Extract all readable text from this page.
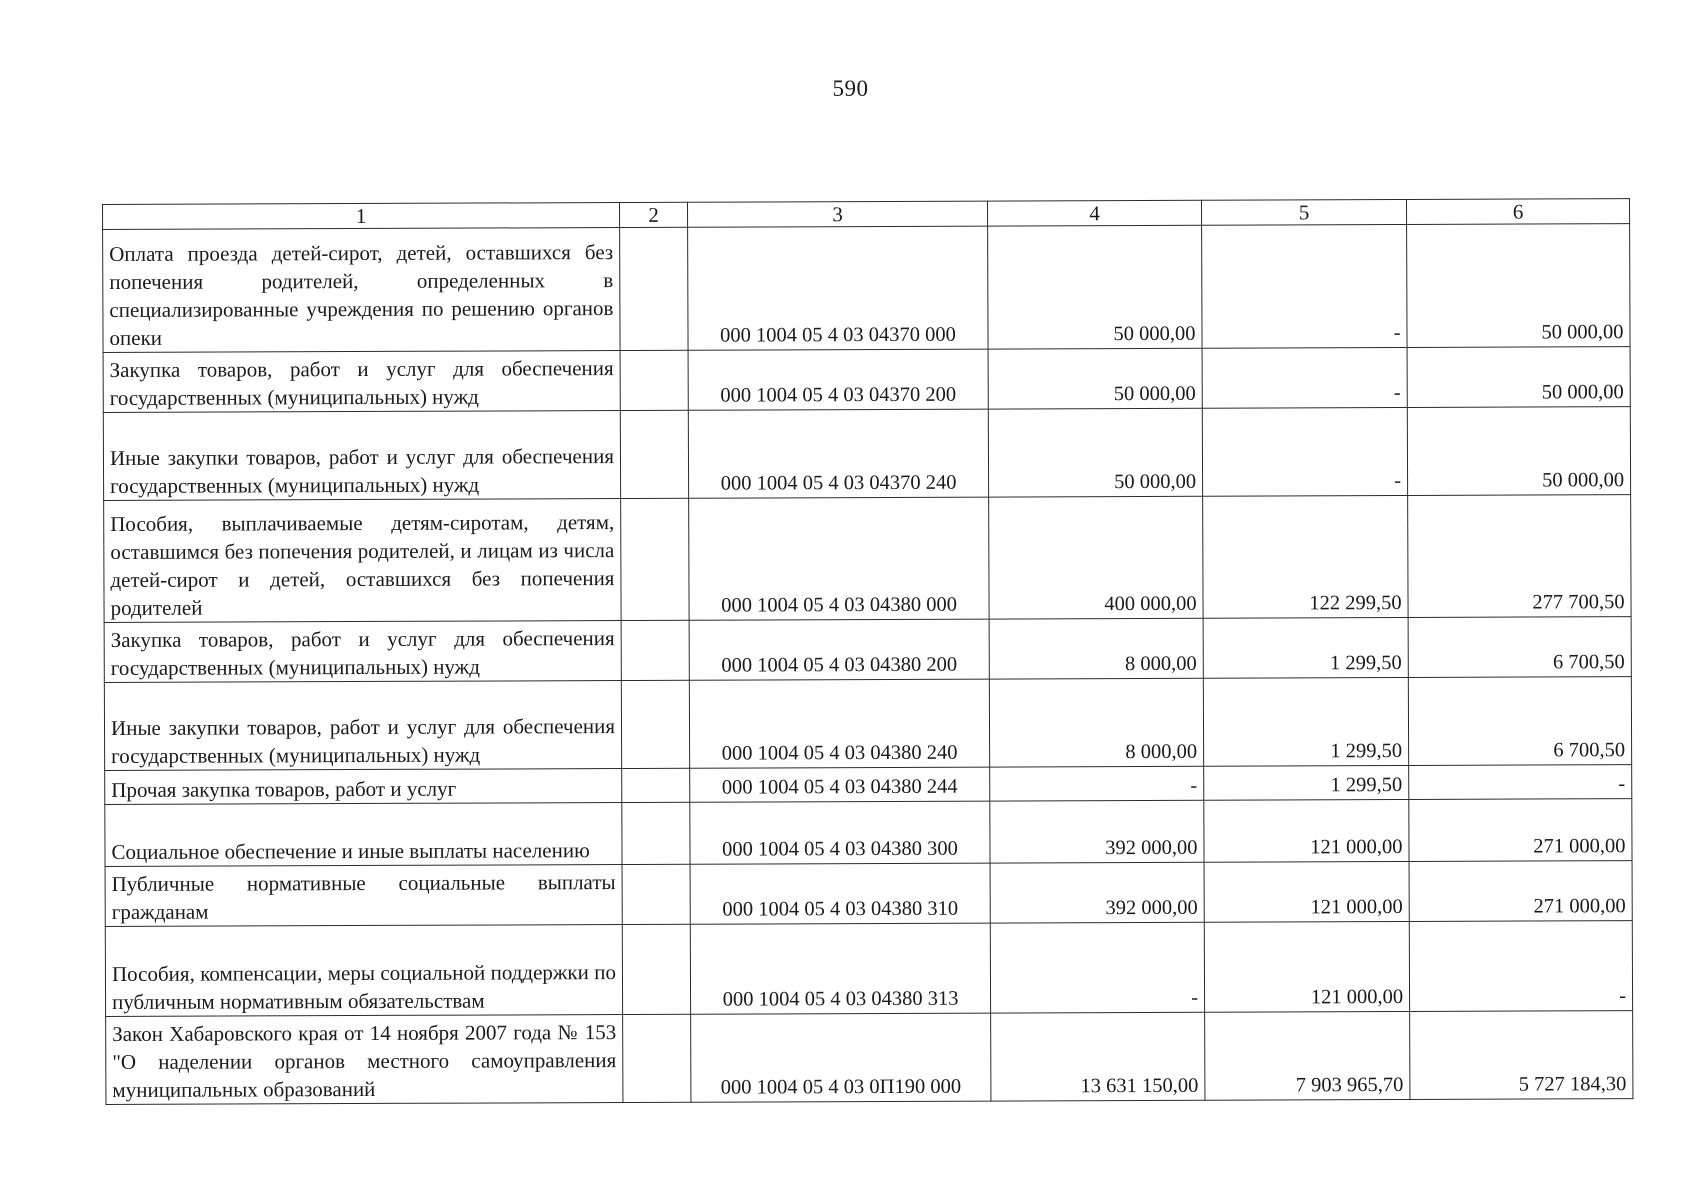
590
1	2	3	4	5	6
Оплата проезда детей-сирот, детей, оставшихся без попечения родителей, определенных в специализированные учреждения по решению органов опеки		000 1004 05 4 03 04370 000	50 000,00	-	50 000,00
Закупка товаров, работ и услуг для обеспечения государственных (муниципальных) нужд		000 1004 05 4 03 04370 200	50 000,00	-	50 000,00
Иные закупки товаров, работ и услуг для обеспечения государственных (муниципальных) нужд		000 1004 05 4 03 04370 240	50 000,00	-	50 000,00
Пособия, выплачиваемые детям-сиротам, детям, оставшимся без попечения родителей, и лицам из числа детей-сирот и детей, оставшихся без попечения родителей		000 1004 05 4 03 04380 000	400 000,00	122 299,50	277 700,50
Закупка товаров, работ и услуг для обеспечения государственных (муниципальных) нужд		000 1004 05 4 03 04380 200	8 000,00	1 299,50	6 700,50
Иные закупки товаров, работ и услуг для обеспечения государственных (муниципальных) нужд		000 1004 05 4 03 04380 240	8 000,00	1 299,50	6 700,50
Прочая закупка товаров, работ и услуг		000 1004 05 4 03 04380 244	-	1 299,50	-
Социальное обеспечение и иные выплаты населению		000 1004 05 4 03 04380 300	392 000,00	121 000,00	271 000,00
Публичные нормативные социальные выплаты гражданам		000 1004 05 4 03 04380 310	392 000,00	121 000,00	271 000,00
Пособия, компенсации, меры социальной поддержки по публичным нормативным обязательствам		000 1004 05 4 03 04380 313	-	121 000,00	-
Закон Хабаровского края от 14 ноября 2007 года № 153 "О наделении органов местного самоуправления муниципальных образований		000 1004 05 4 03 0П190 000	13 631 150,00	7 903 965,70	5 727 184,30
